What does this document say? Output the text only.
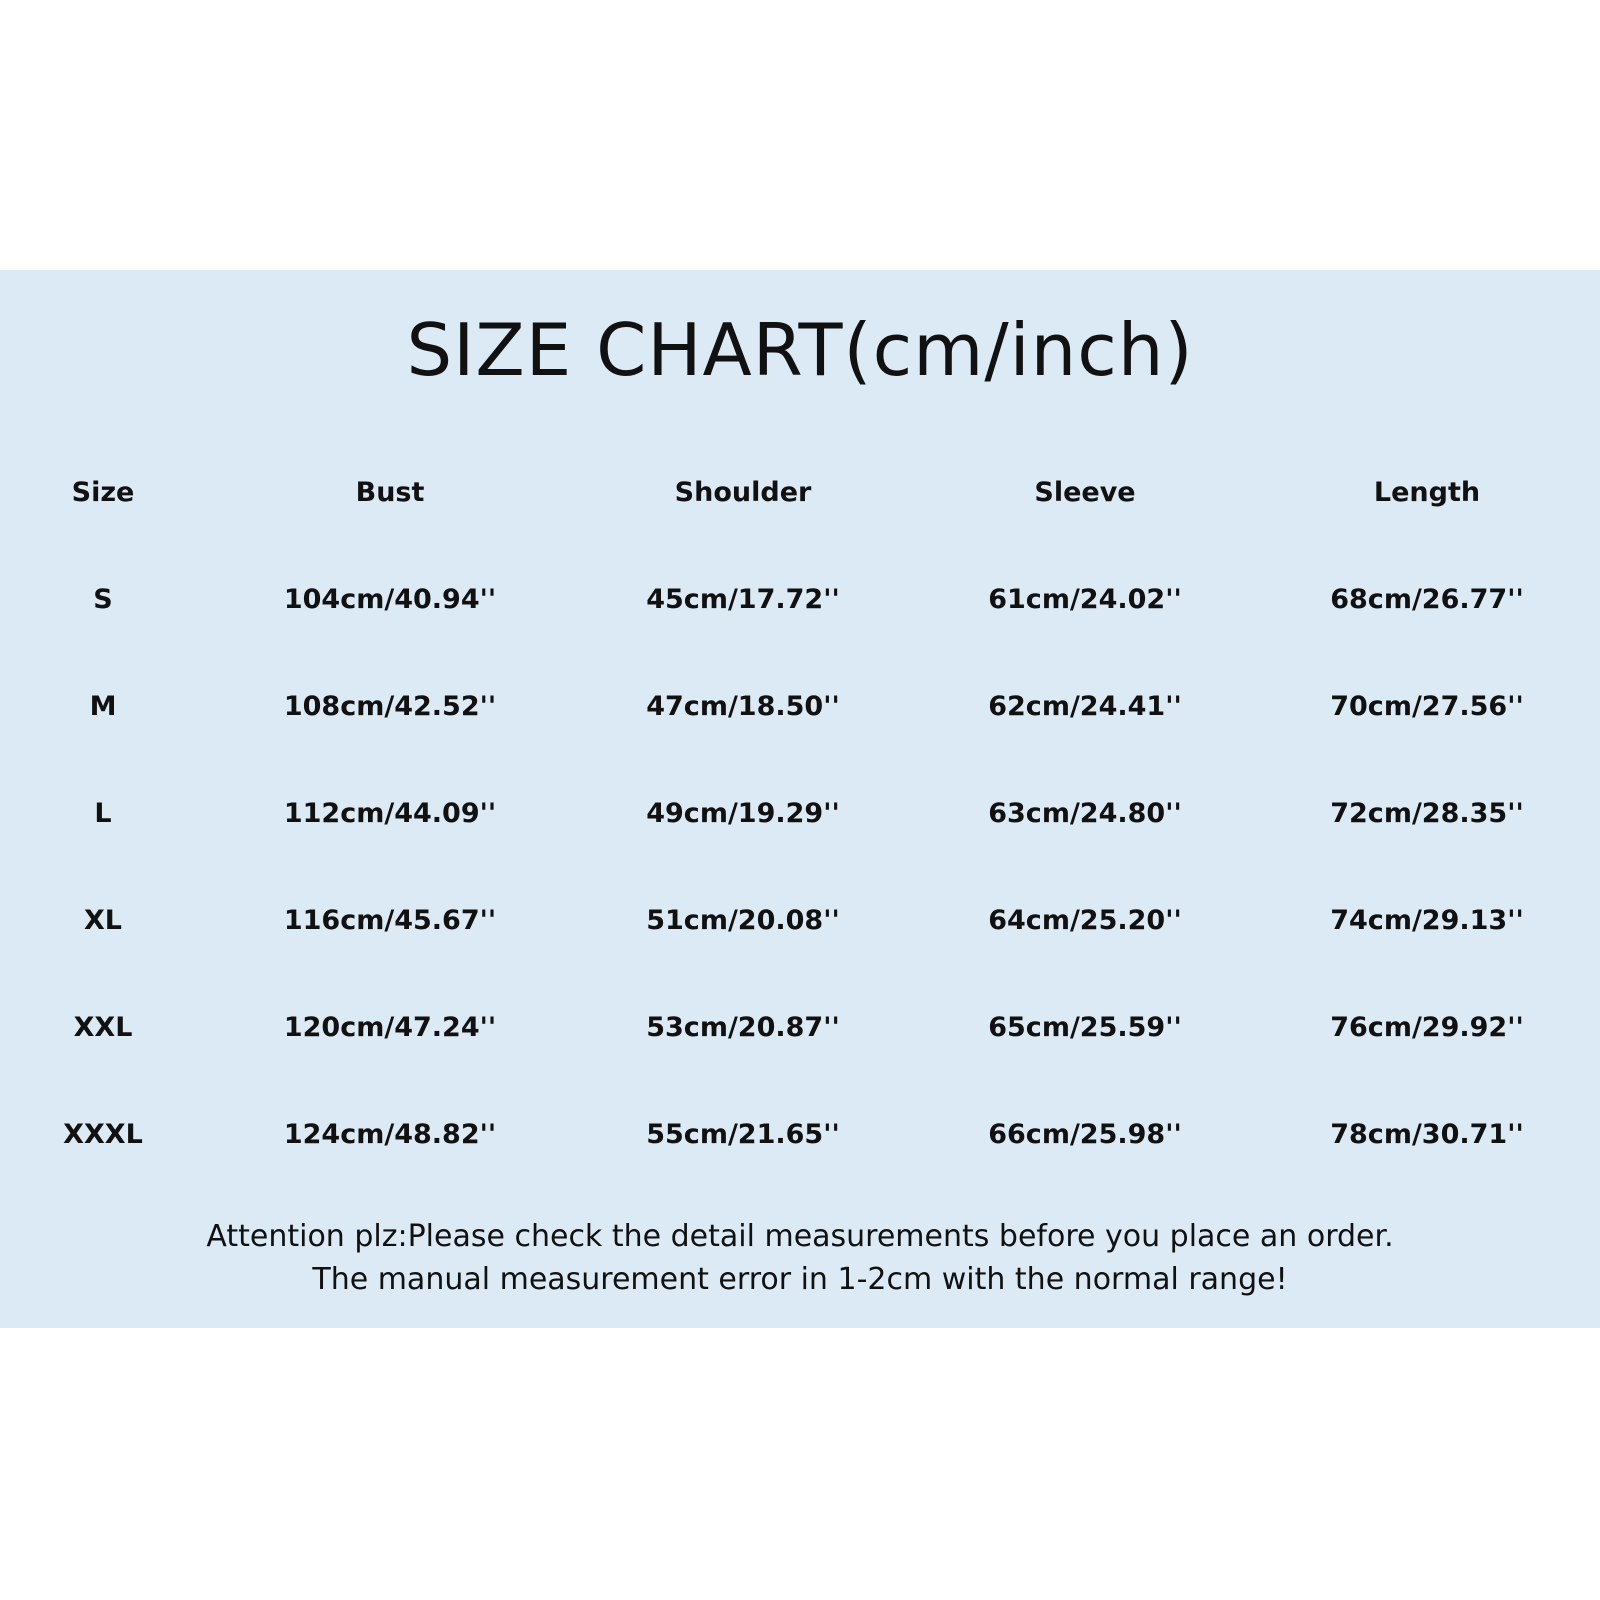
SIZE CHART(cm/inch)
Size	Bust	Shoulder	Sleeve	Length
S	104cm/40.94''	45cm/17.72''	61cm/24.02''	68cm/26.77''
M	108cm/42.52''	47cm/18.50''	62cm/24.41''	70cm/27.56''
L	112cm/44.09''	49cm/19.29''	63cm/24.80''	72cm/28.35''
XL	116cm/45.67''	51cm/20.08''	64cm/25.20''	74cm/29.13''
XXL	120cm/47.24''	53cm/20.87''	65cm/25.59''	76cm/29.92''
XXXL	124cm/48.82''	55cm/21.65''	66cm/25.98''	78cm/30.71''
Attention plz:Please check the detail measurements before you place an order.
The manual measurement error in 1-2cm with the normal range!
